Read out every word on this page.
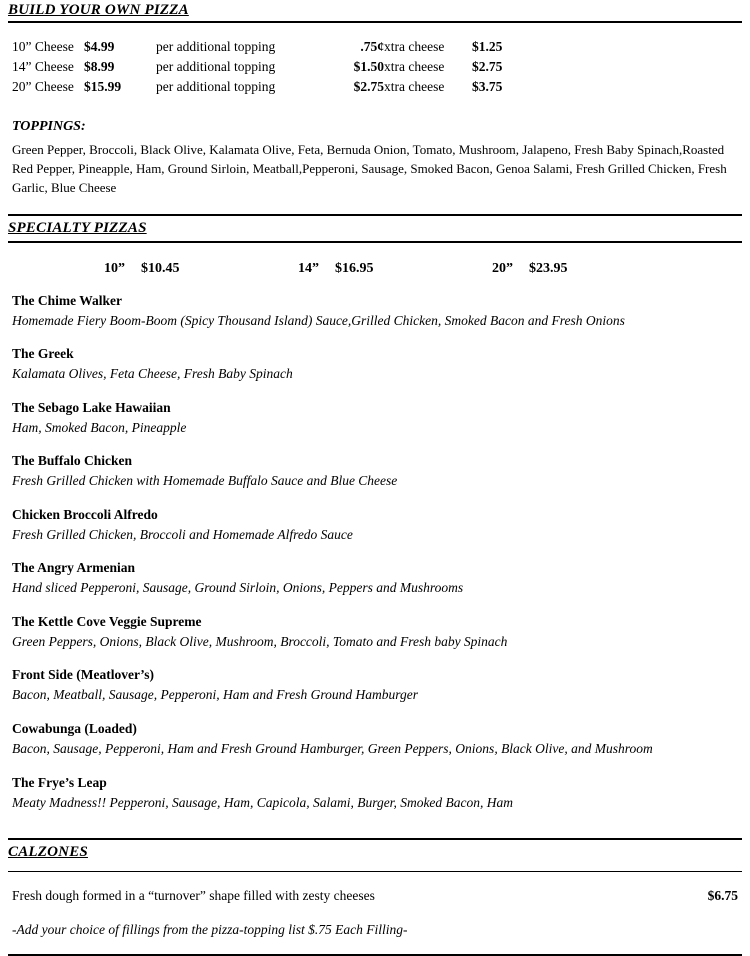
BUILD YOUR OWN PIZZA
10” Cheese	$4.99	per additional topping	.75¢	xtra cheese	$1.25
14” Cheese	$8.99	per additional topping	$1.50	xtra cheese	$2.75
20” Cheese	$15.99	per additional topping	$2.75	xtra cheese	$3.75
TOPPINGS:
Green Pepper, Broccoli, Black Olive, Kalamata Olive, Feta, Bernuda Onion, Tomato, Mushroom, Jalapeno, Fresh Baby Spinach,Roasted Red Pepper, Pineapple, Ham, Ground Sirloin, Meatball,Pepperoni, Sausage, Smoked Bacon, Genoa Salami, Fresh Grilled Chicken, Fresh Garlic, Blue Cheese
SPECIALTY PIZZAS
10” $10.45	14” $16.95	20” $23.95
The Chime Walker
Homemade Fiery Boom-Boom (Spicy Thousand Island) Sauce,Grilled Chicken, Smoked Bacon and Fresh Onions
The Greek
Kalamata Olives, Feta Cheese, Fresh Baby Spinach
The Sebago Lake Hawaiian
Ham, Smoked Bacon, Pineapple
The Buffalo Chicken
Fresh Grilled Chicken with Homemade Buffalo Sauce and Blue Cheese
Chicken Broccoli Alfredo
Fresh Grilled Chicken, Broccoli and Homemade Alfredo Sauce
The Angry Armenian
Hand sliced Pepperoni, Sausage, Ground Sirloin, Onions, Peppers and Mushrooms
The Kettle Cove Veggie Supreme
Green Peppers, Onions, Black Olive, Mushroom, Broccoli, Tomato and Fresh baby Spinach
Front Side (Meatlover’s)
Bacon, Meatball, Sausage, Pepperoni, Ham and Fresh Ground Hamburger
Cowabunga (Loaded)
Bacon, Sausage, Pepperoni, Ham and Fresh Ground Hamburger, Green Peppers, Onions, Black Olive, and Mushroom
The Frye’s Leap
Meaty Madness!! Pepperoni, Sausage, Ham, Capicola, Salami, Burger, Smoked Bacon, Ham
CALZONES
Fresh dough formed in a “turnover” shape filled with zesty cheeses	$6.75
-Add your choice of fillings from the pizza-topping list $.75 Each Filling-
